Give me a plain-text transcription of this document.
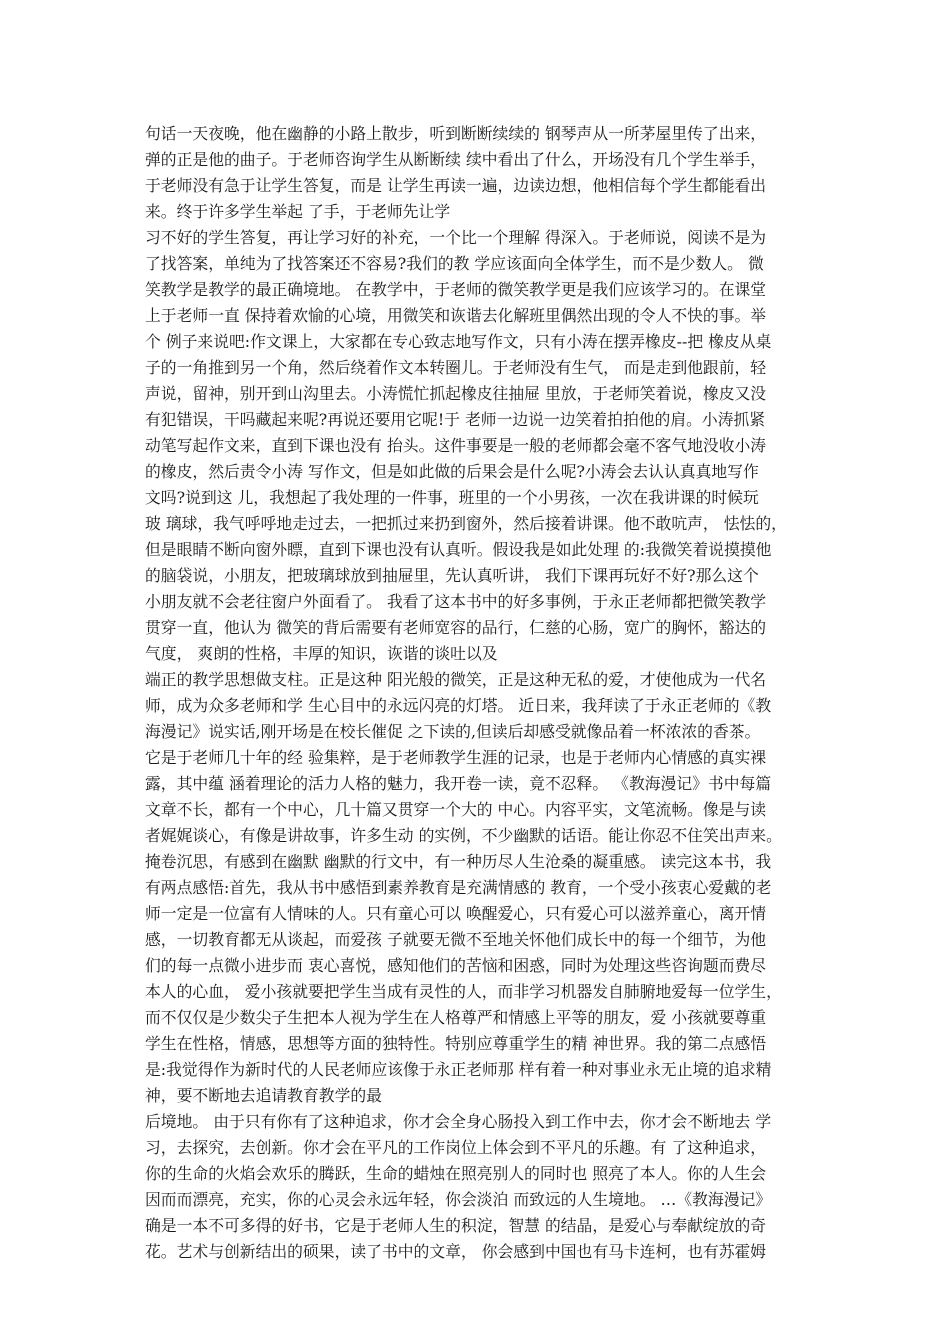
句话一天夜晚，他在幽静的小路上散步，听到断断续续的 钢琴声从一所茅屋里传了出来，
弹的正是他的曲子。于老师咨询学生从断断续 续中看出了什么，开场没有几个学生举手，
于老师没有急于让学生答复，而是 让学生再读一遍，边读边想，他相信每个学生都能看出
来。终于许多学生举起 了手，于老师先让学
习不好的学生答复，再让学习好的补充，一个比一个理解 得深入。于老师说，阅读不是为
了找答案，单纯为了找答案还不容易?我们的教 学应该面向全体学生，而不是少数人。 微
笑教学是教学的最正确境地。 在教学中，于老师的微笑教学更是我们应该学习的。在课堂
上于老师一直 保持着欢愉的心境，用微笑和诙谐去化解班里偶然出现的令人不快的事。举
个 例子来说吧:作文课上，大家都在专心致志地写作文，只有小涛在摆弄橡皮--把 橡皮从桌
子的一角推到另一个角，然后绕着作文本转圈儿。于老师没有生气， 而是走到他跟前，轻
声说，留神，别开到山沟里去。小涛慌忙抓起橡皮往抽屉 里放，于老师笑着说，橡皮又没
有犯错误，干吗藏起来呢?再说还要用它呢!于 老师一边说一边笑着拍拍他的肩。小涛抓紧
动笔写起作文来，直到下课也没有 抬头。这件事要是一般的老师都会毫不客气地没收小涛
的橡皮，然后责令小涛 写作文，但是如此做的后果会是什么呢?小涛会去认认真真地写作
文吗?说到这 儿，我想起了我处理的一件事，班里的一个小男孩，一次在我讲课的时候玩
玻 璃球，我气呼呼地走过去，一把抓过来扔到窗外，然后接着讲课。他不敢吭声， 怯怯的，
但是眼睛不断向窗外瞟，直到下课也没有认真听。假设我是如此处理 的:我微笑着说摸摸他
的脑袋说，小朋友，把玻璃球放到抽屉里，先认真听讲， 我们下课再玩好不好?那么这个
小朋友就不会老往窗户外面看了。 我看了这本书中的好多事例，于永正老师都把微笑教学
贯穿一直，他认为 微笑的背后需要有老师宽容的品行，仁慈的心肠，宽广的胸怀，豁达的
气度， 爽朗的性格，丰厚的知识，诙谐的谈吐以及
端正的教学思想做支柱。正是这种 阳光般的微笑，正是这种无私的爱，才使他成为一代名
师，成为众多老师和学 生心目中的永远闪亮的灯塔。 近日来，我拜读了于永正老师的《教
海漫记》说实话,刚开场是在校长催促 之下读的,但读后却感受就像品着一杯浓浓的香茶。
它是于老师几十年的经 验集粹，是于老师教学生涯的记录，也是于老师内心情感的真实裸
露，其中蕴 涵着理论的活力人格的魅力，我开卷一读，竟不忍释。 《教海漫记》书中每篇
文章不长，都有一个中心，几十篇又贯穿一个大的 中心。内容平实，文笔流畅。像是与读
者娓娓谈心，有像是讲故事，许多生动 的实例，不少幽默的话语。能让你忍不住笑出声来。
掩卷沉思，有感到在幽默 幽默的行文中，有一种历尽人生沧桑的凝重感。 读完这本书，我
有两点感悟:首先，我从书中感悟到素养教育是充满情感的 教育，一个受小孩衷心爱戴的老
师一定是一位富有人情味的人。只有童心可以 唤醒爱心，只有爱心可以滋养童心，离开情
感，一切教育都无从谈起，而爱孩 子就要无微不至地关怀他们成长中的每一个细节，为他
们的每一点微小进步而 衷心喜悦，感知他们的苦恼和困惑，同时为处理这些咨询题而费尽
本人的心血， 爱小孩就要把学生当成有灵性的人，而非学习机器发自肺腑地爱每一位学生，
而不仅仅是少数尖子生把本人视为学生在人格尊严和情感上平等的朋友，爱 小孩就要尊重
学生在性格，情感，思想等方面的独特性。特别应尊重学生的精 神世界。我的第二点感悟
是:我觉得作为新时代的人民老师应该像于永正老师那 样有着一种对事业永无止境的追求精
神，要不断地去追请教育教学的最
后境地。 由于只有你有了这种追求，你才会全身心肠投入到工作中去，你才会不断地去 学
习，去探究，去创新。你才会在平凡的工作岗位上体会到不平凡的乐趣。有 了这种追求，
你的生命的火焰会欢乐的腾跃，生命的蜡烛在照亮别人的同时也 照亮了本人。你的人生会
因而而漂亮，充实，你的心灵会永远年轻，你会淡泊 而致远的人生境地。 …《教海漫记》
确是一本不可多得的好书，它是于老师人生的积淀，智慧 的结晶，是爱心与奉献绽放的奇
花。艺术与创新结出的硕果，读了书中的文章， 你会感到中国也有马卡连柯，也有苏霍姆
